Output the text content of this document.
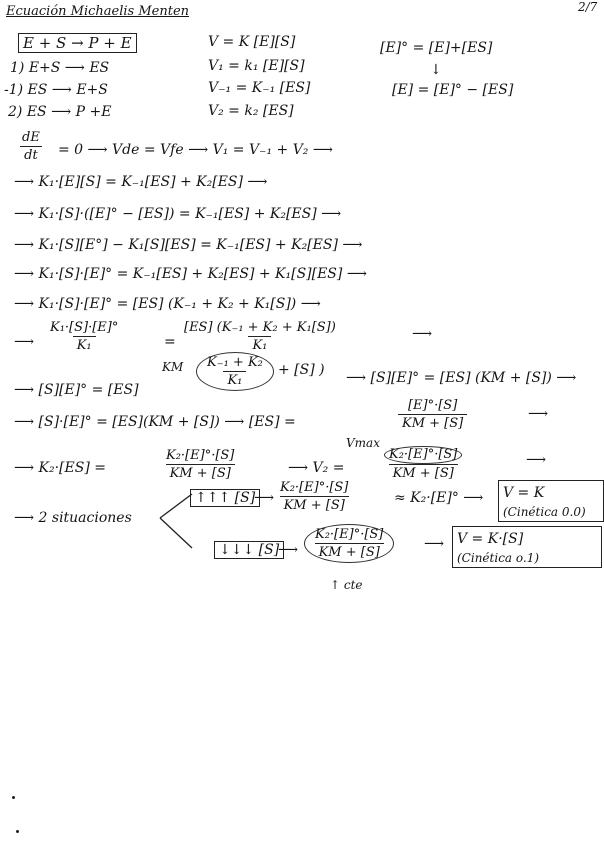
Ecuación Michaelis Menten	2/7
E + S → P + E
1) E+S ⟶ ES
-1) ES ⟶ E+S
2) ES ⟶ P +E
V = K [E][S]
V₁ = k₁ [E][S]
V₋₁ = K₋₁ [ES]
V₂ = k₂ [ES]
[E]° = [E]+[ES]
↓
[E] = [E]° − [ES]
$\frac{dE}{dt} = 0$ ⟶ Vde = Vfe ⟶ V₁ = V₋₁ + V₂ ⟶
⟶ K₁·[E][S] = K₋₁[ES] + K₂[ES] ⟶
⟶ K₁·[S]·([E]° − [ES]) = K₋₁[ES] + K₂[ES] ⟶
⟶ K₁·[S][E°] − K₁[S][ES] = K₋₁[ES] + K₂[ES] ⟶
⟶ K₁·[S]·[E]° = K₋₁[ES] + K₂[ES] + K₁[S][ES] ⟶
⟶ K₁·[S]·[E]° = [ES] (K₋₁ + K₂ + K₁[S]) ⟶
⟶ $\frac{\text{K₁·[S]·[E]°}}{\text{K₁}}$	= $\frac{\text{[ES] (K₋₁ + K₂ + K₁[S])}}{\text{K₁}}$	⟶
KM $\frac{\text{K₋₁ + K₂}}{\text{K₁}} + [S]$ )
⟶ [S][E]° = [ES]
⟶ [S][E]° = [ES] (KM + [S]) ⟶
⟶ [S]·[E]° = [ES](KM + [S]) ⟶ [ES] =	$\frac{[E]^\circ\cdot[S]}{KM + [S]}$	⟶
Vmax
⟶ K₂·[ES] =	$\frac{\text{K₂·[E]°·[S]}}{KM + [S]}$	⟶ V₂ =	$\frac{\text{K₂·[E]°·[S]}}{KM + [S]}$	⟶
⟶ 2 situaciones
↑↑↑ [S]
⟶ $\frac{\text{K₂·[E]°·[S]}}{KM + [S]}$	≈ K₂·[E]° ⟶	V = K (Cinética 0.0)
↓↓↓ [S]
⟶ $\frac{\text{K₂·[E]°·[S]}}{KM + [S]}$ ⟶ V = K·[S] (Cinética o.1)
↑ cte
